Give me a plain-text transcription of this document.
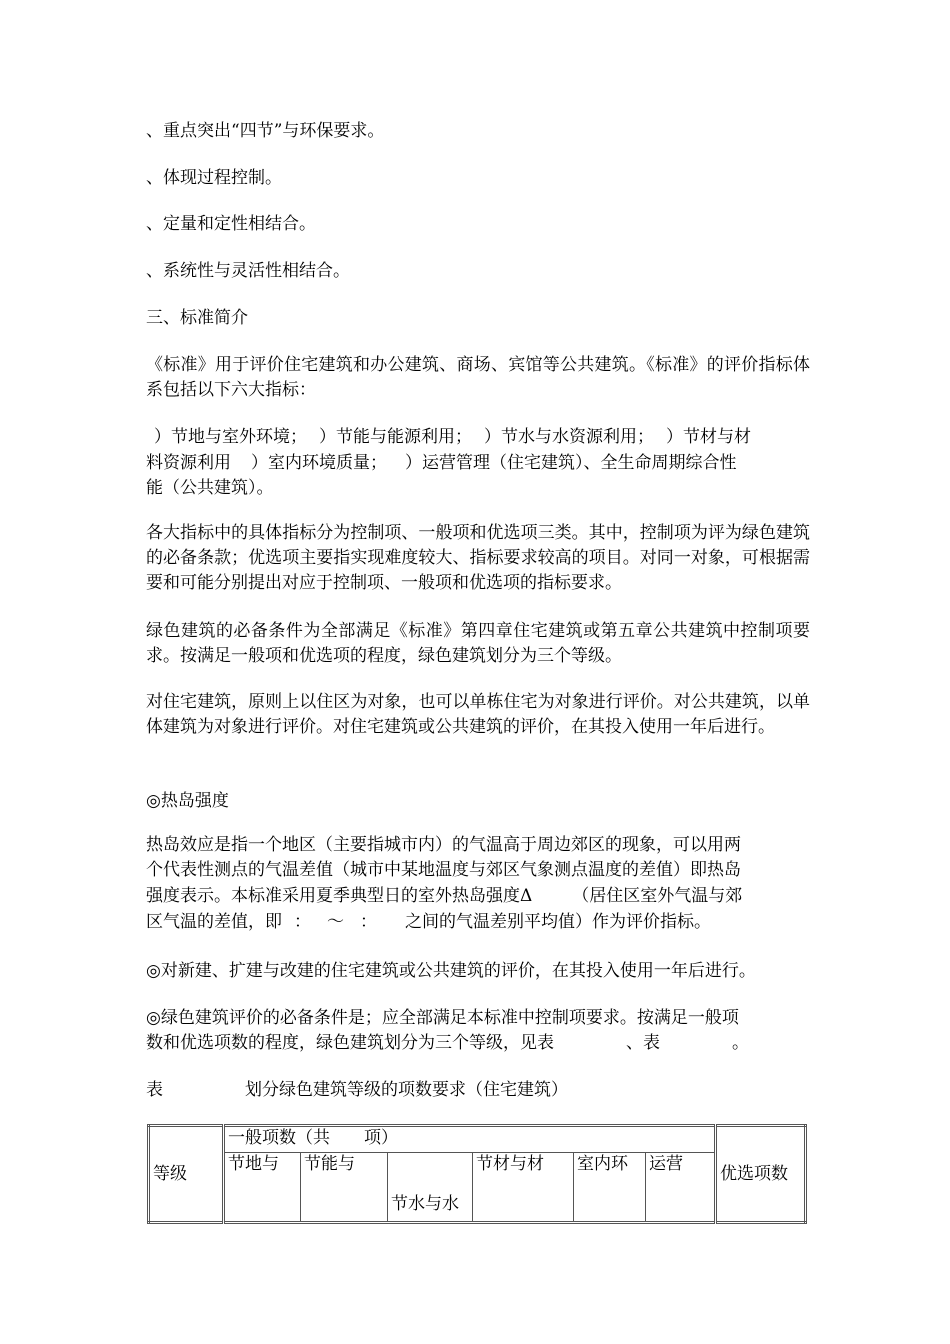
、重点突出“四节”与环保要求。

、体现过程控制。

、定量和定性相结合。

、系统性与灵活性相结合。

三、标准简介

《标准》用于评价住宅建筑和办公建筑、商场、宾馆等公共建筑。《标准》的评价指标体系包括以下六大指标：

）节地与室外环境； ）节能与能源利用； ）节水与水资源利用； ）节材与材

料资源利用 ）室内环境质量； ）运营管理（住宅建筑）、全生命周期综合性

能（公共建筑）。

各大指标中的具体指标分为控制项、一般项和优选项三类。其中，控制项为评为绿色建筑的必备条款；优选项主要指实现难度较大、指标要求较高的项目。对同一对象，可根据需要和可能分别提出对应于控制项、一般项和优选项的指标要求。

绿色建筑的必备条件为全部满足《标准》第四章住宅建筑或第五章公共建筑中控制项要求。按满足一般项和优选项的程度，绿色建筑划分为三个等级。

对住宅建筑，原则上以住区为对象，也可以单栋住宅为对象进行评价。对公共建筑，以单体建筑为对象进行评价。对住宅建筑或公共建筑的评价，在其投入使用一年后进行。

◎热岛强度

热岛效应是指一个地区（主要指城市内）的气温高于周边郊区的现象，可以用两

个代表性测点的气温差值（城市中某地温度与郊区气象测点温度的差值）即热岛

强度表示。本标准采用夏季典型日的室外热岛强度Δ （居住区室外气温与郊

区气温的差值，即 ： ～ ： 之间的气温差别平均值）作为评价指标。

◎对新建、扩建与改建的住宅建筑或公共建筑的评价，在其投入使用一年后进行。

◎绿色建筑评价的必备条件是；应全部满足本标准中控制项要求。按满足一般项

数和优选项数的程度，绿色建筑划分为三个等级，见表	、表	。

表	划分绿色建筑等级的项数要求（住宅建筑）

等级	一般项数（共　　项）						优选项数
	节地与	节能与	节水与水	节材与材	室内环	运营	
